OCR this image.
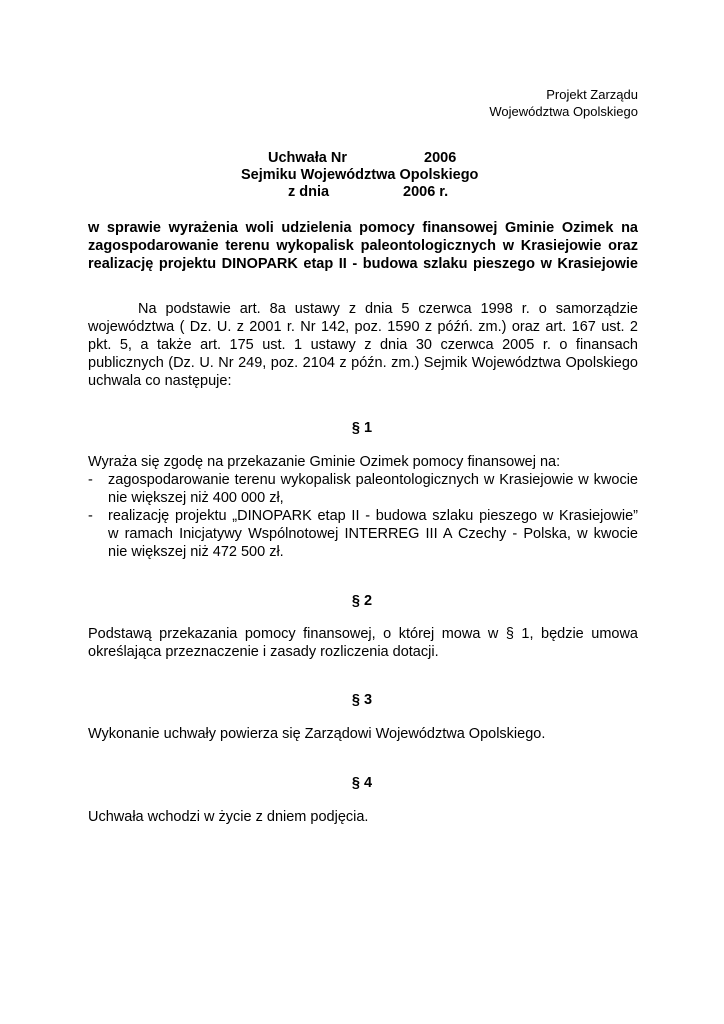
Projekt Zarządu
Województwa Opolskiego
Uchwała Nr	2006
Sejmiku Województwa Opolskiego
z dnia	2006 r.
w sprawie wyrażenia woli udzielenia pomocy finansowej Gminie Ozimek na
zagospodarowanie terenu wykopalisk paleontologicznych w Krasiejowie oraz
realizację projektu DINOPARK etap II - budowa szlaku pieszego w Krasiejowie
Na podstawie art. 8a ustawy z dnia 5 czerwca 1998 r. o samorządzie
województwa ( Dz. U. z 2001 r. Nr 142, poz. 1590 z późń. zm.) oraz art. 167 ust. 2
pkt. 5, a także art. 175 ust. 1 ustawy z dnia 30 czerwca 2005 r. o finansach
publicznych (Dz. U. Nr 249, poz. 2104 z późn. zm.) Sejmik Województwa Opolskiego
uchwala co następuje:
§ 1
Wyraża się zgodę na przekazanie Gminie Ozimek pomocy finansowej na:
- zagospodarowanie terenu wykopalisk paleontologicznych w Krasiejowie w kwocie
nie większej niż 400 000 zł,
- realizację projektu „DINOPARK etap II - budowa szlaku pieszego w Krasiejowie”
w ramach Inicjatywy Wspólnotowej INTERREG III A Czechy - Polska, w kwocie
nie większej niż 472 500 zł.
§ 2
Podstawą przekazania pomocy finansowej, o której mowa w § 1, będzie umowa
określająca przeznaczenie i zasady rozliczenia dotacji.
§ 3
Wykonanie uchwały powierza się Zarządowi Województwa Opolskiego.
§ 4
Uchwała wchodzi w życie z dniem podjęcia.
